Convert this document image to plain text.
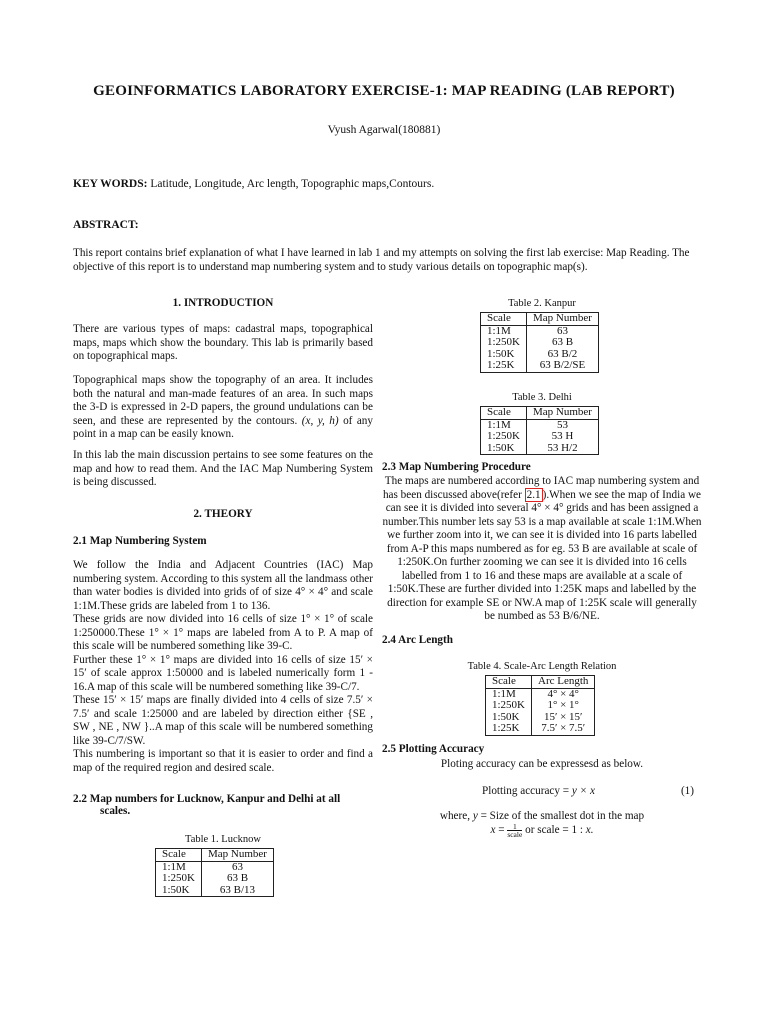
GEOINFORMATICS LABORATORY EXERCISE-1: MAP READING (LAB REPORT)
Vyush Agarwal(180881)
KEY WORDS: Latitude, Longitude, Arc length, Topographic maps,Contours.
ABSTRACT:
This report contains brief explanation of what I have learned in lab 1 and my attempts on solving the first lab exercise: Map Reading. The objective of this report is to understand map numbering system and to study various details on topographic map(s).
1. INTRODUCTION
There are various types of maps: cadastral maps, topographical maps, maps which show the boundary. This lab is primarily based on topographical maps.
Topographical maps show the topography of an area. It includes both the natural and man-made features of an area. In such maps the 3-D is expressed in 2-D papers, the ground undulations can be seen, and these are represented by the contours. (x, y, h) of any point in a map can be easily known.
In this lab the main discussion pertains to see some features on the map and how to read them. And the IAC Map Numbering System is being discussed.
2. THEORY
2.1 Map Numbering System

We follow the India and Adjacent Countries (IAC) Map numbering system. According to this system all the landmass other than water bodies is divided into grids of of size 4° × 4° and scale 1:1M.These grids are labeled from 1 to 136.

These grids are now divided into 16 cells of size 1° × 1° of scale 1:250000.These 1° × 1° maps are labeled from A to P. A map of this scale will be numbered something like 39-C.

Further these 1° × 1° maps are divided into 16 cells of size 15′ × 15′ of scale approx 1:50000 and is labeled numerically form 1 - 16.A map of this scale will be numbered something like 39-C/7.

These 15′ × 15′ maps are finally divided into 4 cells of size 7.5′ × 7.5′ and scale 1:25000 and are labeled by direction either {SE , SW , NE , NW }..A map of this scale will be numbered something like 39-C/7/SW.

This numbering is important so that it is easier to order and find a map of the required region and desired scale.

2.2 Map numbers for Lucknow, Kanpur and Delhi at all
scales.
Table 1. Lucknow
Scale	Map Number
1:1M	63
1:250K	63 B
1:50K	63 B/13
Table 2. Kanpur
Scale	Map Number
1:1M	63
1:250K	63 B
1:50K	63 B/2
1:25K	63 B/2/SE
Table 3. Delhi
Scale	Map Number
1:1M	53
1:250K	53 H
1:50K	53 H/2
2.3 Map Numbering Procedure
The maps are numbered according to IAC map numbering system and has been discussed above(refer 2.1 ).When we see the map of India we can see it is divided into several 4° × 4° grids and has been assigned a number.This number lets say 53 is a map available at scale 1:1M.When we further zoom into it, we can see it is divided into 16 parts labelled from A-P this maps numbered as for eg. 53 B are available at scale of 1:250K.On further zooming we can see it is divided into 16 cells labelled from 1 to 16 and these maps are available at a scale of 1:50K.These are further divided into 1:25K maps and labelled by the direction for example SE or NW.A map of 1:25K scale will generally be numbed as 53 B/6/NE.
2.4 Arc Length
Table 4. Scale-Arc Length Relation
Scale	Arc Length
1:1M	4° × 4°
1:250K	1° × 1°
1:50K	15′ × 15′
1:25K	7.5′ × 7.5′
2.5 Plotting Accuracy
Ploting accuracy can be expressesd as below.
Plotting accuracy = y × x	(1)
where, y = Size of the smallest dot in the map
$x = \frac{1}{\text{scale}}$ or scale = 1 : x.
